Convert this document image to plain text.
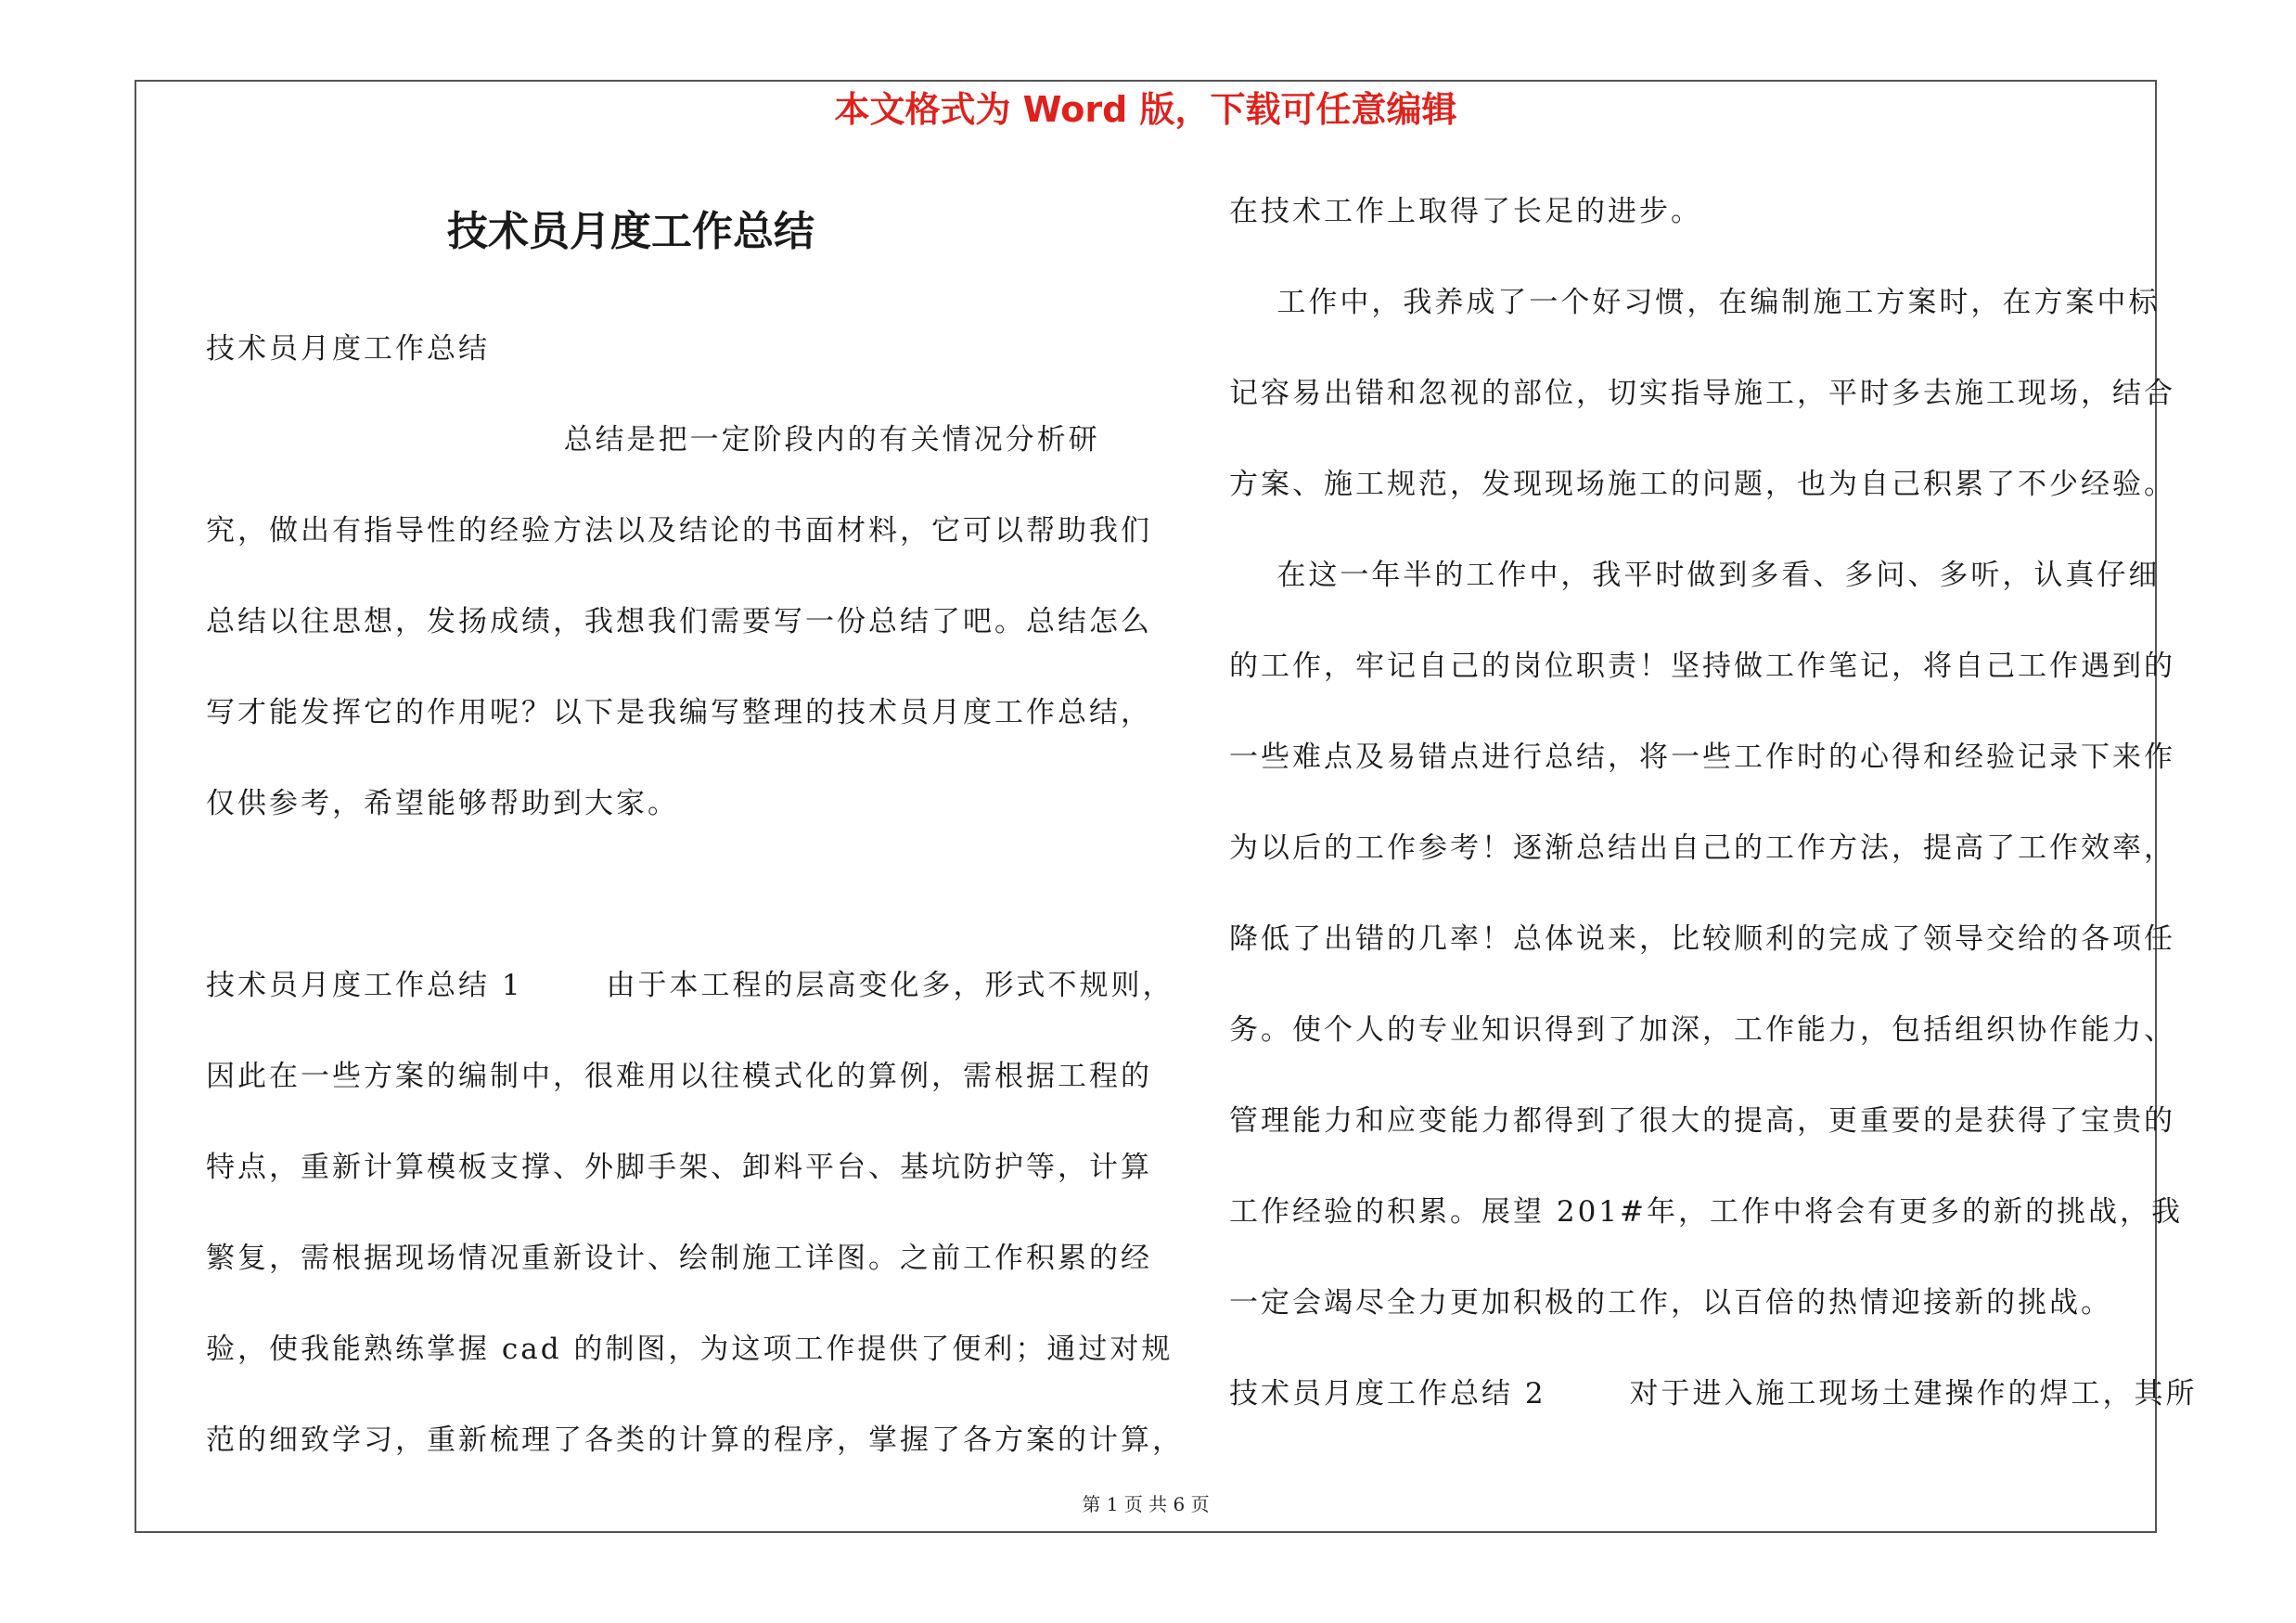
本文格式为 Word 版，下载可任意编辑
技术员月度工作总结
技术员月度工作总结
总结是把一定阶段内的有关情况分析研
究，做出有指导性的经验方法以及结论的书面材料，它可以帮助我们
总结以往思想，发扬成绩，我想我们需要写一份总结了吧。总结怎么
写才能发挥它的作用呢？以下是我编写整理的技术员月度工作总结，
仅供参考，希望能够帮助到大家。
技术员月度工作总结 1       由于本工程的层高变化多，形式不规则，
因此在一些方案的编制中，很难用以往模式化的算例，需根据工程的
特点，重新计算模板支撑、外脚手架、卸料平台、基坑防护等，计算
繁复，需根据现场情况重新设计、绘制施工详图。之前工作积累的经
验，使我能熟练掌握 cad 的制图，为这项工作提供了便利；通过对规
范的细致学习，重新梳理了各类的计算的程序，掌握了各方案的计算，
在技术工作上取得了长足的进步。
工作中，我养成了一个好习惯，在编制施工方案时，在方案中标
记容易出错和忽视的部位，切实指导施工，平时多去施工现场，结合
方案、施工规范，发现现场施工的问题，也为自己积累了不少经验。
在这一年半的工作中，我平时做到多看、多问、多听，认真仔细
的工作，牢记自己的岗位职责！坚持做工作笔记，将自己工作遇到的
一些难点及易错点进行总结，将一些工作时的心得和经验记录下来作
为以后的工作参考！逐渐总结出自己的工作方法，提高了工作效率，
降低了出错的几率！总体说来，比较顺利的完成了领导交给的各项任
务。使个人的专业知识得到了加深，工作能力，包括组织协作能力、
管理能力和应变能力都得到了很大的提高，更重要的是获得了宝贵的
工作经验的积累。展望 201#年，工作中将会有更多的新的挑战，我
一定会竭尽全力更加积极的工作，以百倍的热情迎接新的挑战。
技术员月度工作总结 2       对于进入施工现场土建操作的焊工，其所
第 1 页 共 6 页
